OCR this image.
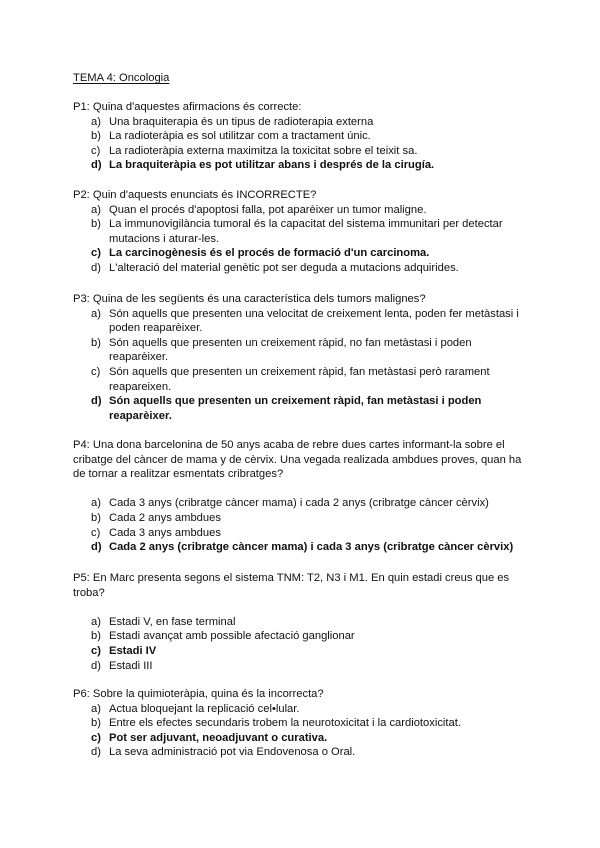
TEMA 4: Oncologia

P1: Quina d'aquestes afirmacions és correcte:

a) Una braquiterapia és un tipus de radioterapia externa
b) La radioteràpia es sol utilitzar com a tractament únic.
c) La radioteràpia externa maximitza la toxicitat sobre el teixit sa.
d) La braquiteràpia es pot utilitzar abans i després de la cirugía.

P2: Quin d'aquests enunciats és INCORRECTE?

a) Quan el procés d'apoptosi falla, pot aparèixer un tumor maligne.
b) La immunovigilància tumoral és la capacitat del sistema immunitari per detectar mutacions i aturar-les.
c) La carcinogènesis és el procés de formació d'un carcinoma.
d) L'alteració del material genètic pot ser deguda a mutacions adquirides.

P3: Quina de les següents és una característica dels tumors malignes?

a) Són aquells que presenten una velocitat de creixement lenta, poden fer metàstasi i poden reaparèixer.
b) Són aquells que presenten un creixement ràpid, no fan metàstasi i poden reaparèixer.
c) Són aquells que presenten un creixement ràpid, fan metàstasi però rarament reapareixen.
d) Són aquells que presenten un creixement ràpid, fan metàstasi i poden reaparèixer.

P4: Una dona barcelonina de 50 anys acaba de rebre dues cartes informant-la sobre el cribatge del càncer de mama y de cèrvix. Una vegada realizada ambdues proves, quan ha de tornar a realitzar esmentats cribratges?

a) Cada 3 anys (cribratge càncer mama) i cada 2 anys (cribratge càncer cèrvix)
b) Cada 2 anys ambdues
c) Cada 3 anys ambdues
d) Cada 2 anys (cribratge càncer mama) i cada 3 anys (cribratge càncer cèrvix)

P5: En Marc presenta segons el sistema TNM: T2, N3 i M1. En quin estadi creus que es troba?

a) Estadi V, en fase terminal
b) Estadi avançat amb possible afectació ganglionar
c) Estadi IV
d) Estadi III

P6: Sobre la quimioteràpia, quina és la incorrecta?

a) Actua bloquejant la replicació cel•lular.
b) Entre els efectes secundaris trobem la neurotoxicitat i la cardiotoxicitat.
c) Pot ser adjuvant, neoadjuvant o curativa.
d) La seva administració pot via Endovenosa o Oral.
